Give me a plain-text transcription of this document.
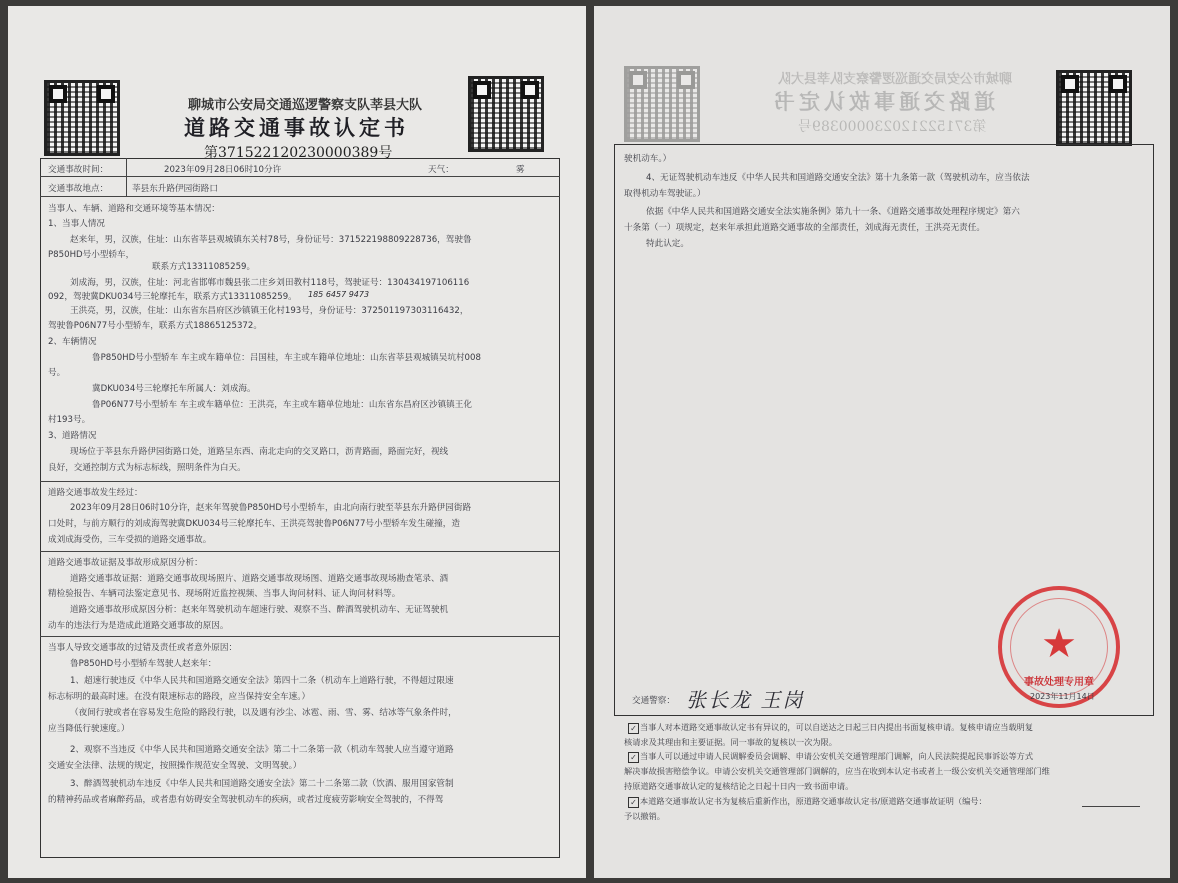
聊城市公安局交通巡逻警察支队莘县大队
道路交通事故认定书
第371522120230000389号
交通事故时间：	2023年09月28日06时10分许	天气：	雾
交通事故地点：	莘县东升路伊园街路口
当事人、车辆、道路和交通环境等基本情况：
1、当事人情况
赵来年，男，汉族，住址：山东省莘县观城镇东关村78号，身份证号：371522198809228736，驾驶鲁
P850HD号小型轿车，
联系方式13311085259。
刘成海，男，汉族，住址：河北省邯郸市魏县张二庄乡刘田教村118号，驾驶证号：130434197106116
092，驾驶冀DKU034号三轮摩托车，联系方式13311085259。 185 6457 9473
王洪亮，男，汉族，住址：山东省东昌府区沙镇镇王化村193号，身份证号：372501197303116432，
驾驶鲁P06N77号小型轿车，联系方式18865125372。
2、车辆情况
鲁P850HD号小型轿车 车主或车籍单位：吕国桂，车主或车籍单位地址：山东省莘县观城镇吴坑村008
号。
冀DKU034号三轮摩托车所属人：刘成海。
鲁P06N77号小型轿车 车主或车籍单位：王洪亮，车主或车籍单位地址：山东省东昌府区沙镇镇王化
村193号。
3、道路情况
现场位于莘县东升路伊园街路口处，道路呈东西、南北走向的交叉路口，沥青路面，路面完好，视线
良好，交通控制方式为标志标线，照明条件为白天。
道路交通事故发生经过：
2023年09月28日06时10分许，赵来年驾驶鲁P850HD号小型轿车，由北向南行驶至莘县东升路伊园街路
口处时，与前方顺行的刘成海驾驶冀DKU034号三轮摩托车、王洪亮驾驶鲁P06N77号小型轿车发生碰撞，造
成刘成海受伤，三车受损的道路交通事故。
道路交通事故证据及事故形成原因分析：
道路交通事故证据：道路交通事故现场照片、道路交通事故现场图、道路交通事故现场勘查笔录、酒
精检验报告、车辆司法鉴定意见书、现场附近监控视频、当事人询问材料、证人询问材料等。
道路交通事故形成原因分析：赵来年驾驶机动车超速行驶、观察不当、醉酒驾驶机动车、无证驾驶机
动车的违法行为是造成此道路交通事故的原因。
当事人导致交通事故的过错及责任或者意外原因：
鲁P850HD号小型轿车驾驶人赵来年：
1、超速行驶违反《中华人民共和国道路交通安全法》第四十二条（机动车上道路行驶，不得超过限速
标志标明的最高时速。在没有限速标志的路段，应当保持安全车速。）
（夜间行驶或者在容易发生危险的路段行驶，以及遇有沙尘、冰雹、雨、雪、雾、结冰等气象条件时，
应当降低行驶速度。）
2、观察不当违反《中华人民共和国道路交通安全法》第二十二条第一款（机动车驾驶人应当遵守道路
交通安全法律、法规的规定，按照操作规范安全驾驶、文明驾驶。）
3、醉酒驾驶机动车违反《中华人民共和国道路交通安全法》第二十二条第二款（饮酒、服用国家管制
的精神药品或者麻醉药品，或者患有妨碍安全驾驶机动车的疾病，或者过度疲劳影响安全驾驶的，不得驾
聊城市公安局交通巡逻警察支队莘县大队
道路交通事故认定书
第371522120230000389号
驶机动车。）
4、无证驾驶机动车违反《中华人民共和国道路交通安全法》第十九条第一款（驾驶机动车，应当依法
取得机动车驾驶证。）
依据《中华人民共和国道路交通安全法实施条例》第九十一条、《道路交通事故处理程序规定》第六
十条第（一）项规定，赵来年承担此道路交通事故的全部责任，刘成海无责任，王洪亮无责任。
特此认定。
★
事故处理专用章
交通警察： 张长龙 王岗	2023年11月14日
✓ 当事人对本道路交通事故认定书有异议的，可以自送达之日起三日内提出书面复核申请。复核申请应当载明复
核请求及其理由和主要证据。同一事故的复核以一次为限。
✓ 当事人可以通过申请人民调解委员会调解、申请公安机关交通管理部门调解，向人民法院提起民事诉讼等方式
解决事故损害赔偿争议。申请公安机关交通管理部门调解的，应当在收到本认定书或者上一级公安机关交通管理部门维
持原道路交通事故认定的复核结论之日起十日内一致书面申请。
✓ 本道路交通事故认定书为复核后重新作出，原道路交通事故认定书/原道路交通事故证明（编号：
予以撤销。
